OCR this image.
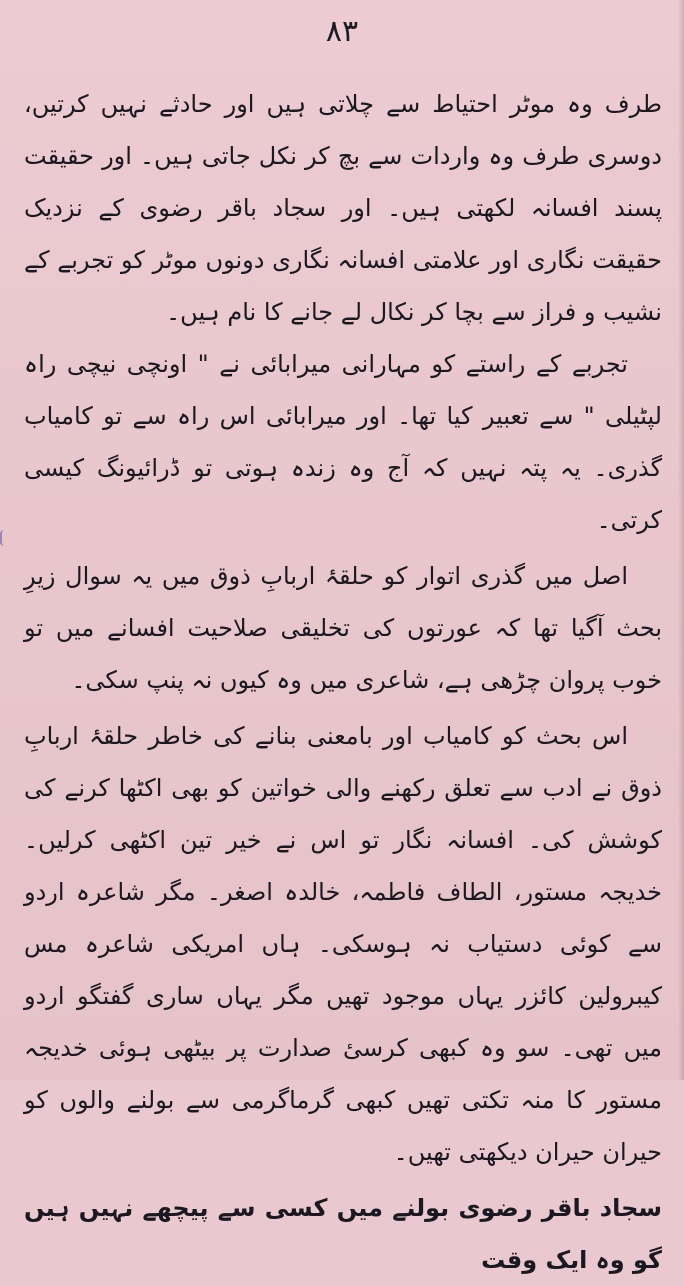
۸۳

طرف وہ موٹر احتیاط سے چلاتی ہیں اور حادثے نہیں کرتیں، دوسری طرف وہ واردات سے بچ کر نکل جاتی ہیں۔ اور حقیقت پسند افسانہ لکھتی ہیں۔ اور سجاد باقر رضوی کے نزدیک حقیقت نگاری اور علامتی افسانہ نگاری دونوں موٹر کو تجربے کے نشیب و فراز سے بچا کر نکال لے جانے کا نام ہیں۔

تجربے کے راستے کو مہارانی میرابائی نے " اونچی نیچی راہ لپٹیلی " سے تعبیر کیا تھا۔ اور میرابائی اس راہ سے تو کامیاب گذری۔ یہ پتہ نہیں کہ آج وہ زندہ ہوتی تو ڈرائیونگ کیسی کرتی۔

اصل میں گذری اتوار کو حلقۂ اربابِ ذوق میں یہ سوال زیرِ بحث آگیا تھا کہ عورتوں کی تخلیقی صلاحیت افسانے میں تو خوب پروان چڑھی ہے، شاعری میں وہ کیوں نہ پنپ سکی۔

اس بحث کو کامیاب اور بامعنی بنانے کی خاطر حلقۂ اربابِ ذوق نے ادب سے تعلق رکھنے والی خواتین کو بھی اکٹھا کرنے کی کوشش کی۔ افسانہ نگار تو اس نے خیر تین اکٹھی کرلیں۔ خدیجہ مستور، الطاف فاطمہ، خالدہ اصغر۔ مگر شاعرہ اردو سے کوئی دستیاب نہ ہوسکی۔ ہاں امریکی شاعرہ مس کیبرولین کائزر یہاں موجود تھیں مگر یہاں ساری گفتگو اردو میں تھی۔ سو وہ کبھی کرسیٔ صدارت پر بیٹھی ہوئی خدیجہ مستور کا منہ تکتی تھیں کبھی گرماگرمی سے بولنے والوں کو حیران حیران دیکھتی تھیں۔

سجاد باقر رضوی بولنے میں کسی سے پیچھے نہیں ہیں گو وہ ایک وقت
